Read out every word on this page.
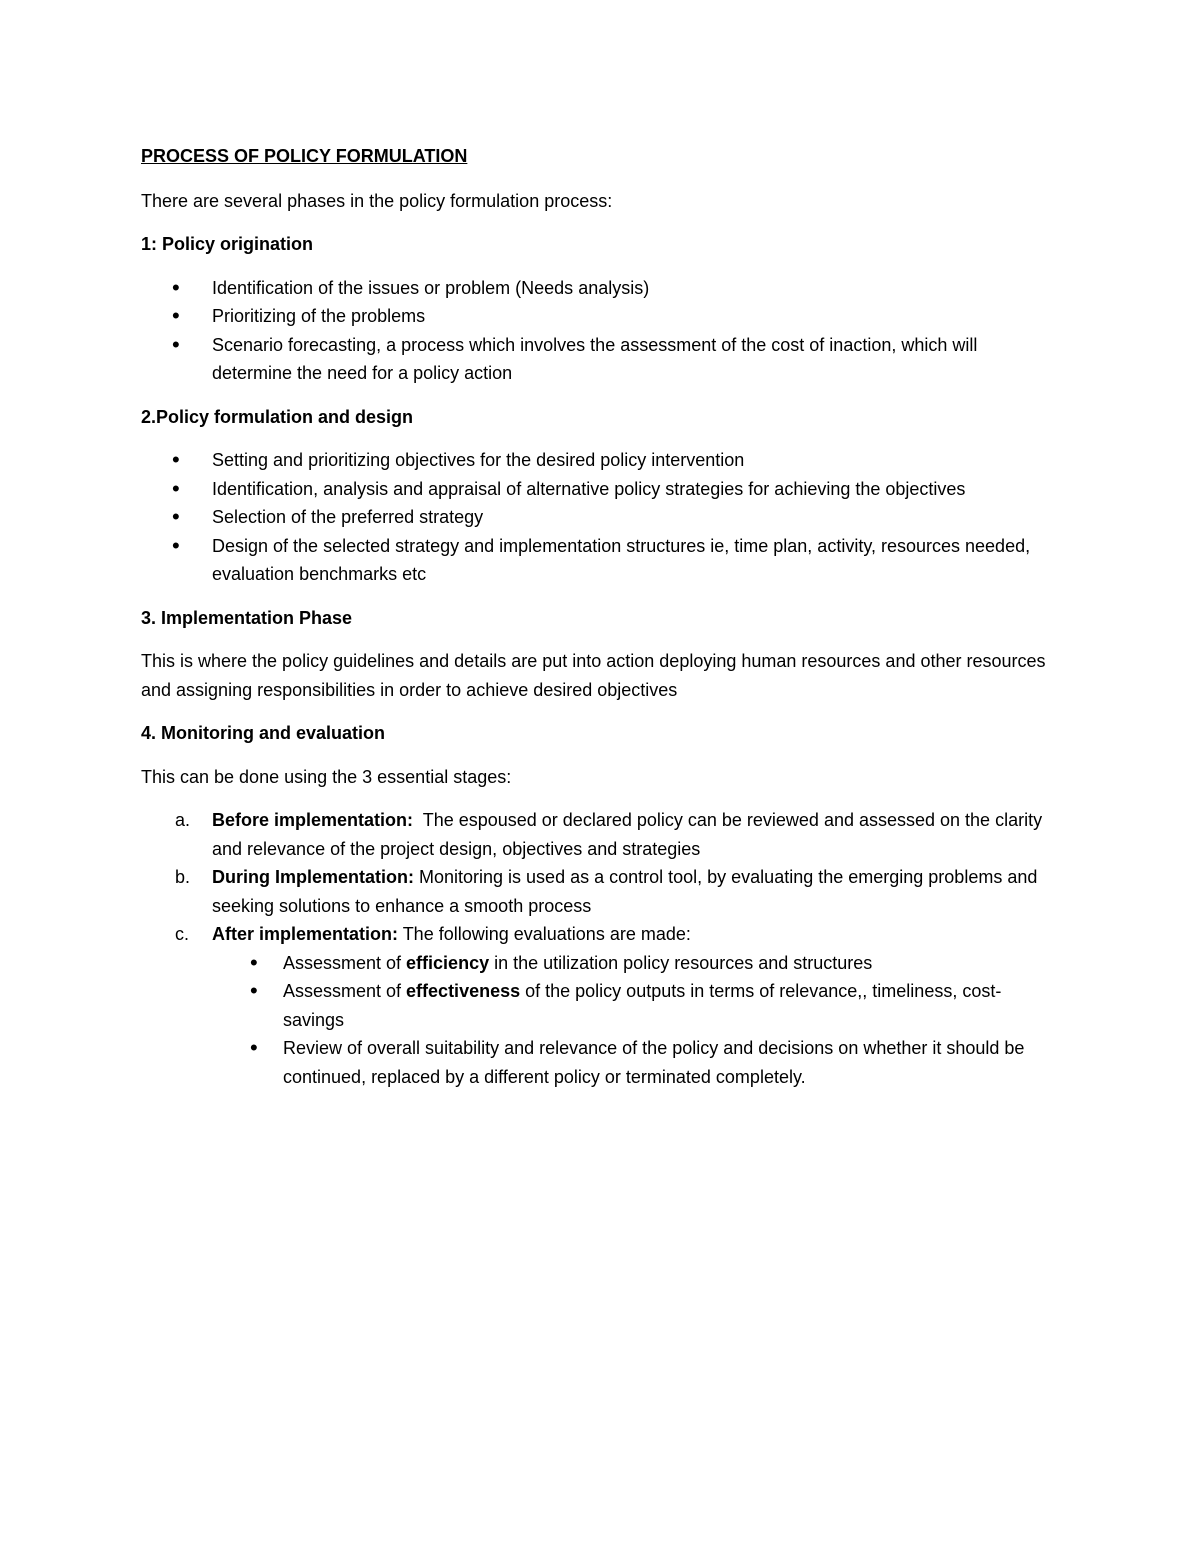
PROCESS OF POLICY FORMULATION

There are several phases in the policy formulation process:

1: Policy origination
• Identification of the issues or problem (Needs analysis)
• Prioritizing of the problems
• Scenario forecasting, a process which involves the assessment of the cost of inaction, which will determine the need for a policy action
2.Policy formulation and design
• Setting and prioritizing objectives for the desired policy intervention
• Identification, analysis and appraisal of alternative policy strategies for achieving the objectives
• Selection of the preferred strategy
• Design of the selected strategy and implementation structures ie, time plan, activity, resources needed, evaluation benchmarks etc
3. Implementation Phase

This is where the policy guidelines and details are put into action deploying human resources and other resources and assigning responsibilities in order to achieve desired objectives

4. Monitoring and evaluation

This can be done using the 3 essential stages:

a. Before implementation:  The espoused or declared policy can be reviewed and assessed on the clarity and relevance of the project design, objectives and strategies
b. During Implementation: Monitoring is used as a control tool, by evaluating the emerging problems and seeking solutions to enhance a smooth process
c. After implementation: The following evaluations are made:
• Assessment of efficiency in the utilization policy resources and structures
• Assessment of effectiveness of the policy outputs in terms of relevance,, timeliness, cost-savings
• Review of overall suitability and relevance of the policy and decisions on whether it should be continued, replaced by a different policy or terminated completely.
